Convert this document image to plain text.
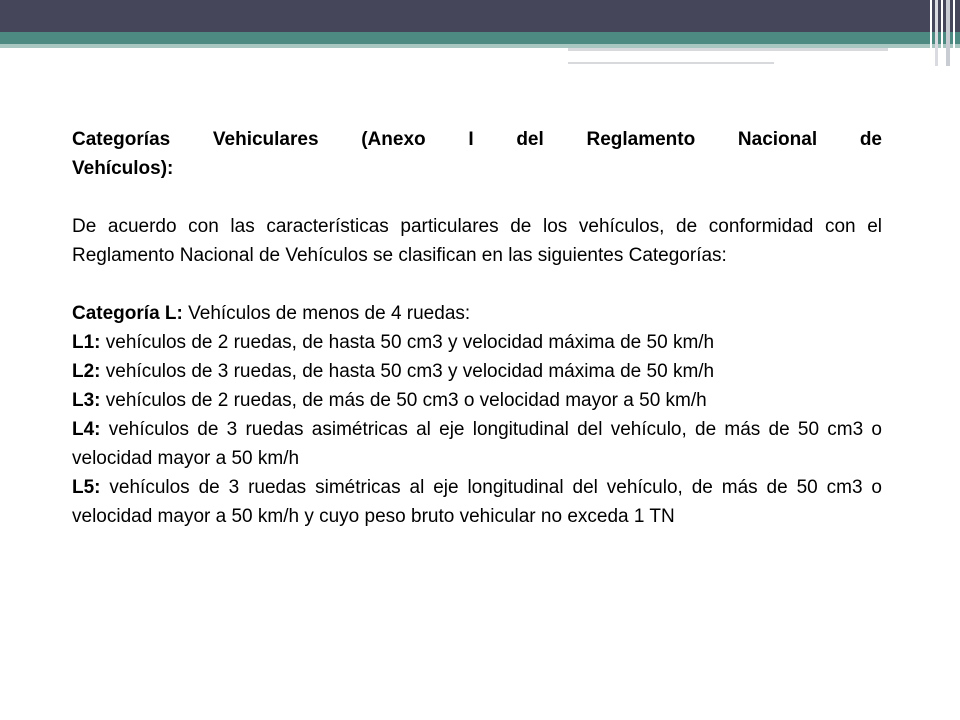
Categorías Vehiculares (Anexo I del Reglamento Nacional de

Vehículos):

De acuerdo con las características particulares de los vehículos, de conformidad con el Reglamento Nacional de Vehículos se clasifican en las siguientes Categorías:

Categoría L: Vehículos de menos de 4 ruedas:

L1: vehículos de 2 ruedas, de hasta 50 cm3 y velocidad máxima de 50 km/h

L2: vehículos de 3 ruedas, de hasta 50 cm3 y velocidad máxima de 50 km/h

L3: vehículos de 2 ruedas, de más de 50 cm3 o velocidad mayor a 50 km/h

L4: vehículos de 3 ruedas asimétricas al eje longitudinal del vehículo, de más de 50 cm3 o velocidad mayor a 50 km/h

L5: vehículos de 3 ruedas simétricas al eje longitudinal del vehículo, de más de 50 cm3 o velocidad mayor a 50 km/h y cuyo peso bruto vehicular no exceda 1 TN
